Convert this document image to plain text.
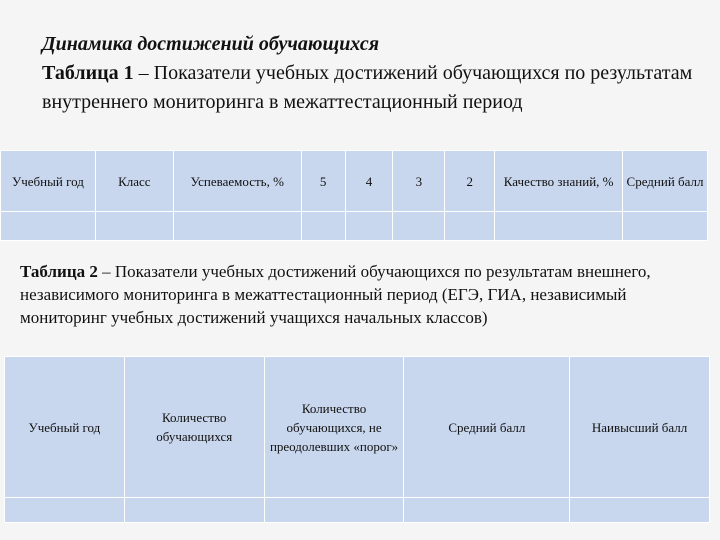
Динамика достижений обучающихся
Таблица 1 – Показатели учебных достижений обучающихся по результатам внутреннего мониторинга в межаттестационный период
Учебный год	Класс	Успеваемость, %	5	4	3	2	Качество знаний, %	Средний балл

Таблица 2 – Показатели учебных достижений обучающихся по результатам внешнего, независимого мониторинга в межаттестационный период (ЕГЭ, ГИА, независимый мониторинг учебных достижений учащихся начальных классов)
Учебный год	Количество обучающихся	Количество обучающихся, не преодолевших «порог»	Средний балл	Наивысший балл
